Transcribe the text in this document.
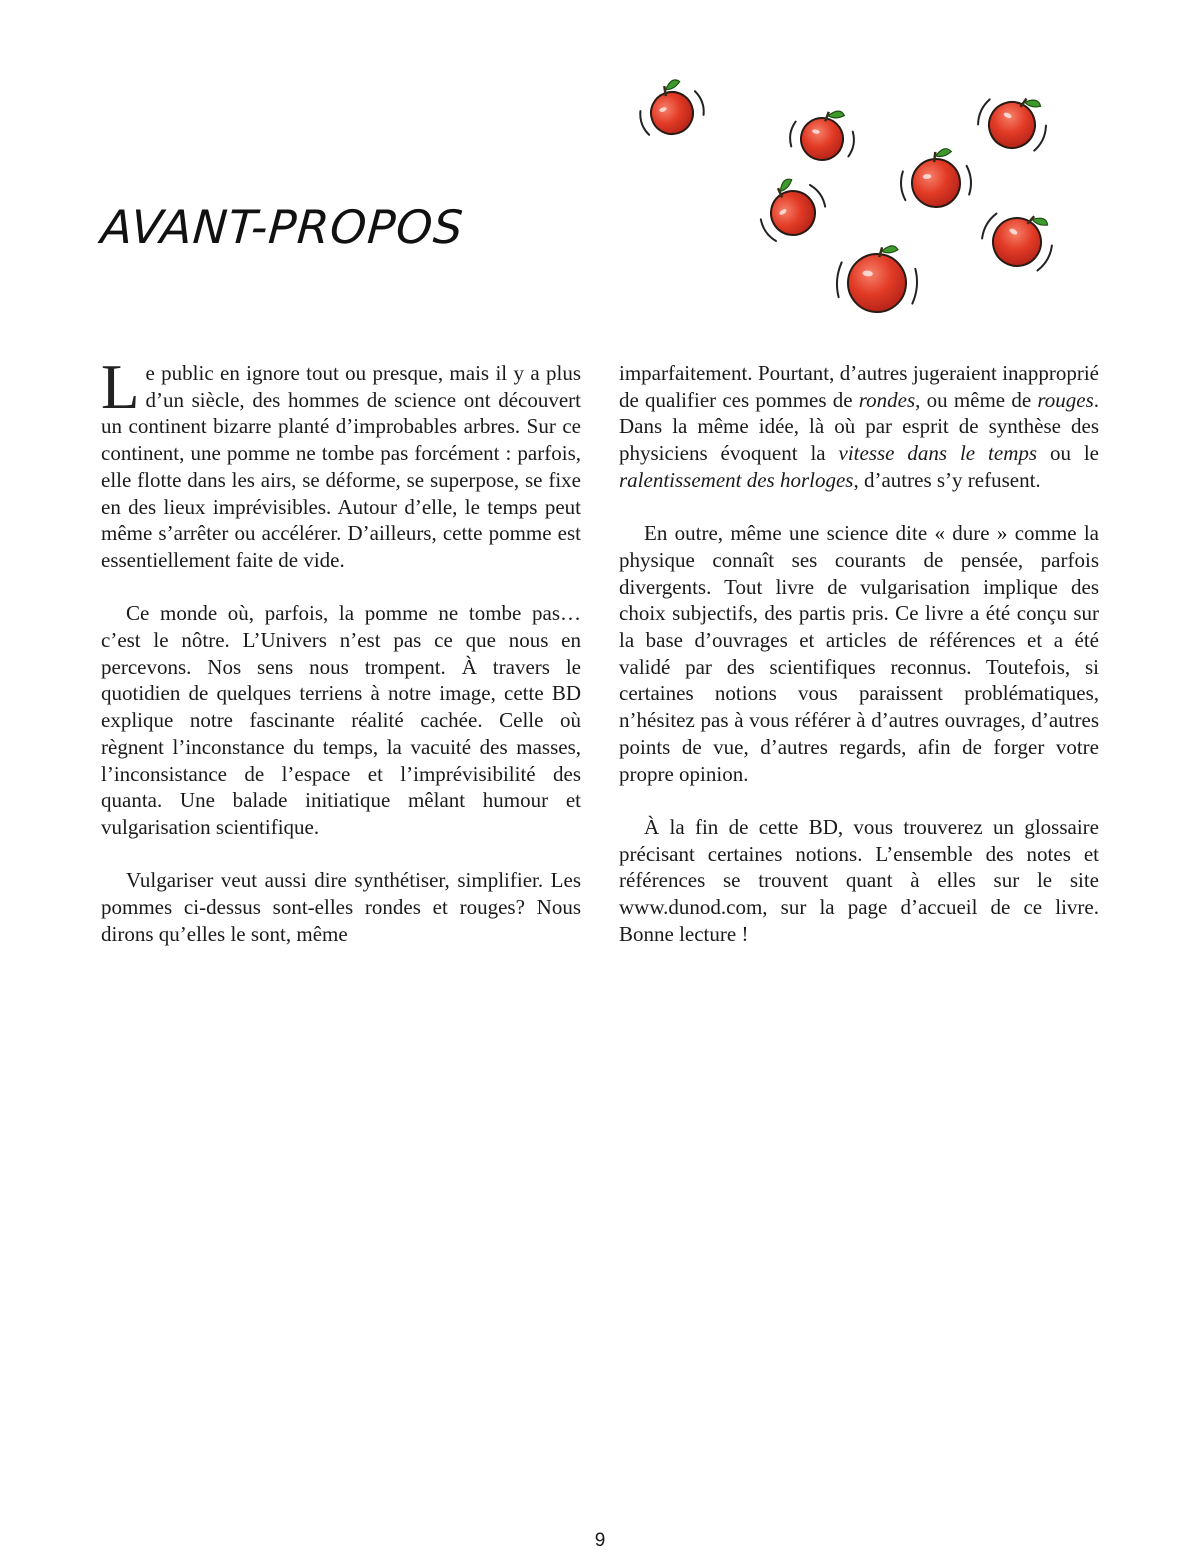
AVANT-PROPOS

Le public en ignore tout ou presque, mais il y a plus d’un siècle, des hommes de science ont découvert un continent bizarre planté d’improbables arbres. Sur ce continent, une pomme ne tombe pas forcément : parfois, elle flotte dans les airs, se déforme, se superpose, se fixe en des lieux imprévisibles. Autour d’elle, le temps peut même s’arrêter ou accélérer. D’ailleurs, cette pomme est essentiellement faite de vide.

Ce monde où, parfois, la pomme ne tombe pas… c’est le nôtre. L’Univers n’est pas ce que nous en percevons. Nos sens nous trompent. À travers le quotidien de quelques terriens à notre image, cette BD explique notre fascinante réalité cachée. Celle où règnent l’inconstance du temps, la vacuité des masses, l’inconsistance de l’espace et l’imprévisibilité des quanta. Une balade initiatique mêlant humour et vulgarisation scientifique.

Vulgariser veut aussi dire synthétiser, simplifier. Les pommes ci-dessus sont-elles rondes et rouges? Nous dirons qu’elles le sont, même

imparfaitement. Pourtant, d’autres jugeraient inapproprié de qualifier ces pommes de rondes, ou même de rouges. Dans la même idée, là où par esprit de synthèse des physiciens évoquent la vitesse dans le temps ou le ralentissement des horloges, d’autres s’y refusent.

En outre, même une science dite « dure » comme la physique connaît ses courants de pensée, parfois divergents. Tout livre de vulgarisation implique des choix subjectifs, des partis pris. Ce livre a été conçu sur la base d’ouvrages et articles de références et a été validé par des scientifiques reconnus. Toutefois, si certaines notions vous paraissent problématiques, n’hésitez pas à vous référer à d’autres ouvrages, d’autres points de vue, d’autres regards, afin de forger votre propre opinion.

À la fin de cette BD, vous trouverez un glossaire précisant certaines notions. L’ensemble des notes et références se trouvent quant à elles sur le site www.dunod.com, sur la page d’accueil de ce livre. Bonne lecture !

9
